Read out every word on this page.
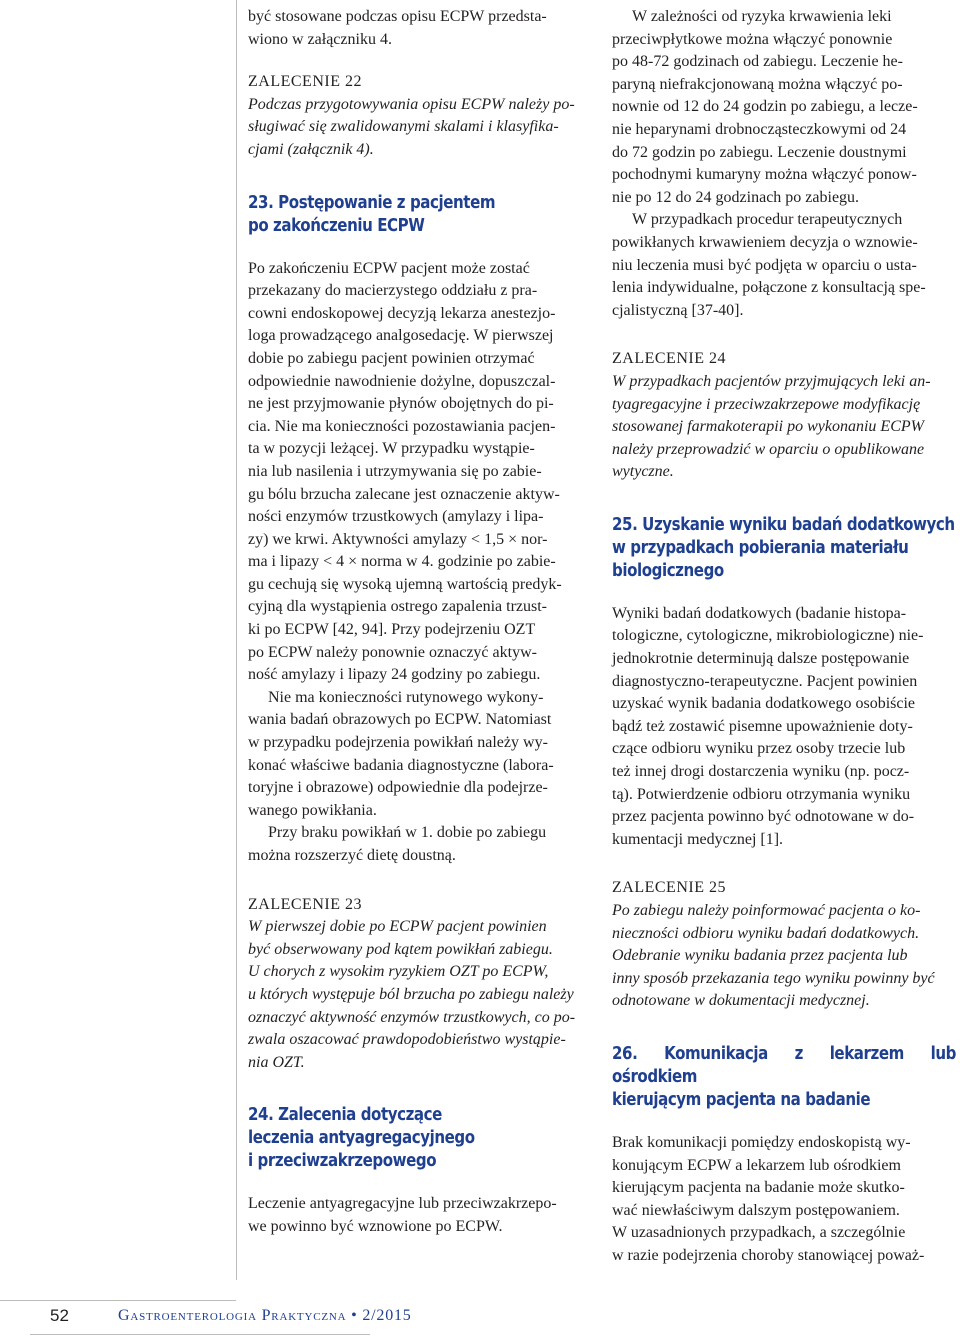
być stosowane podczas opisu ECPW przedsta-
wiono w załączniku 4.

ZALECENIE 22

Podczas przygotowywania opisu ECPW należy po-
sługiwać się zwalidowanymi skalami i klasyfika-
cjami (załącznik 4).

23. Postępowanie z pacjentem
po zakończeniu ECPW

Po zakończeniu ECPW pacjent może zostać
przekazany do macierzystego oddziału z pra-
cowni endoskopowej decyzją lekarza anestezjo-
loga prowadzącego analgosedację. W pierwszej
dobie po zabiegu pacjent powinien otrzymać
odpowiednie nawodnienie dożylne, dopuszczal-
ne jest przyjmowanie płynów obojętnych do pi-
cia. Nie ma konieczności pozostawiania pacjen-
ta w pozycji leżącej. W przypadku wystąpie-
nia lub nasilenia i utrzymywania się po zabie-
gu bólu brzucha zalecane jest oznaczenie aktyw-
ności enzymów trzustkowych (amylazy i lipa-
zy) we krwi. Aktywności amylazy < 1,5 × nor-
ma i lipazy < 4 × norma w 4. godzinie po zabie-
gu cechują się wysoką ujemną wartością predyk-
cyjną dla wystąpienia ostrego zapalenia trzust-
ki po ECPW [42, 94]. Przy podejrzeniu OZT
po ECPW należy ponownie oznaczyć aktyw-
ność amylazy i lipazy 24 godziny po zabiegu.

Nie ma konieczności rutynowego wykony-
wania badań obrazowych po ECPW. Natomiast
w przypadku podejrzenia powikłań należy wy-
konać właściwe badania diagnostyczne (labora-
toryjne i obrazowe) odpowiednie dla podejrze-
wanego powikłania.

Przy braku powikłań w 1. dobie po zabiegu
można rozszerzyć dietę doustną.

ZALECENIE 23

W pierwszej dobie po ECPW pacjent powinien
być obserwowany pod kątem powikłań zabiegu.
U chorych z wysokim ryzykiem OZT po ECPW,
u których występuje ból brzucha po zabiegu należy
oznaczyć aktywność enzymów trzustkowych, co po-
zwala oszacować prawdopodobieństwo wystąpie-
nia OZT.

24. Zalecenia dotyczące
leczenia antyagregacyjnego
i przeciwzakrzepowego

Leczenie antyagregacyjne lub przeciwzakrzepo-
we powinno być wznowione po ECPW.

W zależności od ryzyka krwawienia leki
przeciwpłytkowe można włączyć ponownie
po 48-72 godzinach od zabiegu. Leczenie he-
paryną niefrakcjonowaną można włączyć po-
nownie od 12 do 24 godzin po zabiegu, a lecze-
nie heparynami drobnocząsteczkowymi od 24
do 72 godzin po zabiegu. Leczenie doustnymi
pochodnymi kumaryny można włączyć ponow-
nie po 12 do 24 godzinach po zabiegu.

W przypadkach procedur terapeutycznych
powikłanych krwawieniem decyzja o wznowie-
niu leczenia musi być podjęta w oparciu o usta-
lenia indywidualne, połączone z konsultacją spe-
cjalistyczną [37-40].

ZALECENIE 24

W przypadkach pacjentów przyjmujących leki an-
tyagregacyjne i przeciwzakrzepowe modyfikację
stosowanej farmakoterapii po wykonaniu ECPW
należy przeprowadzić w oparciu o opublikowane
wytyczne.

25. Uzyskanie wyniku badań dodatkowych
w przypadkach pobierania materiału
biologicznego

Wyniki badań dodatkowych (badanie histopa-
tologiczne, cytologiczne, mikrobiologiczne) nie-
jednokrotnie determinują dalsze postępowanie
diagnostyczno-terapeutyczne. Pacjent powinien
uzyskać wynik badania dodatkowego osobiście
bądź też zostawić pisemne upoważnienie doty-
czące odbioru wyniku przez osoby trzecie lub
też innej drogi dostarczenia wyniku (np. pocz-
tą). Potwierdzenie odbioru otrzymania wyniku
przez pacjenta powinno być odnotowane w do-
kumentacji medycznej [1].

ZALECENIE 25

Po zabiegu należy poinformować pacjenta o ko-
nieczności odbioru wyniku badań dodatkowych.
Odebranie wyniku badania przez pacjenta lub
inny sposób przekazania tego wyniku powinny być
odnotowane w dokumentacji medycznej.

26. Komunikacja z lekarzem lub ośrodkiem
kierującym pacjenta na badanie

Brak komunikacji pomiędzy endoskopistą wy-
konującym ECPW a lekarzem lub ośrodkiem
kierującym pacjenta na badanie może skutko-
wać niewłaściwym dalszym postępowaniem.
W uzasadnionych przypadkach, a szczególnie
w razie podejrzenia choroby stanowiącej poważ-

52	Gastroenterologia Praktyczna • 2/2015
